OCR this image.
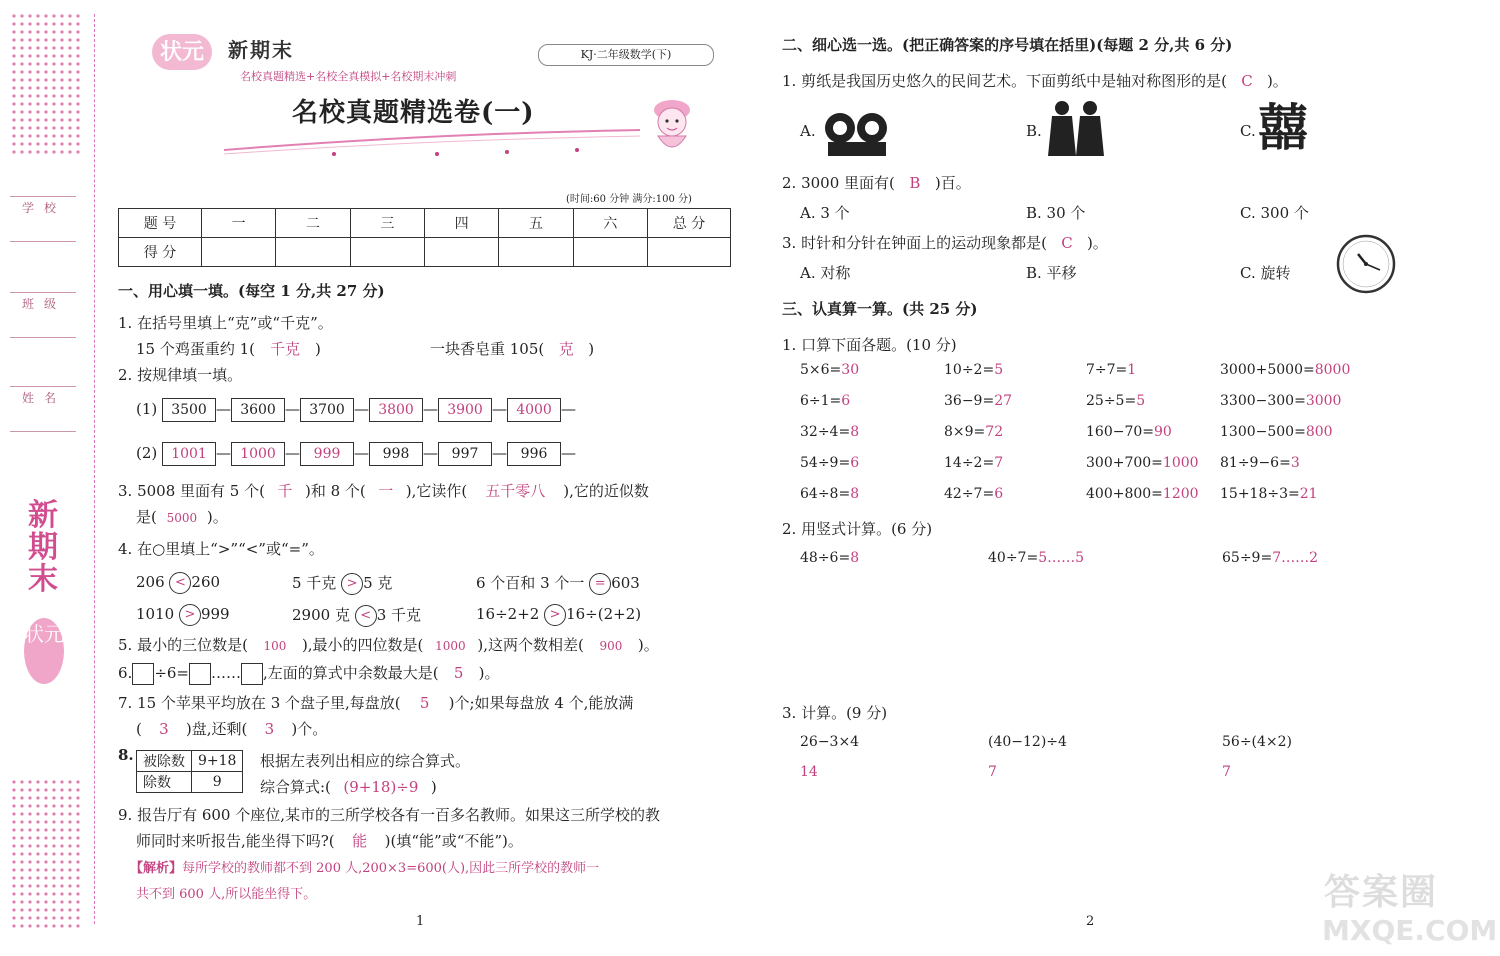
学校
班级
姓名
新期末
状元
状元	新期末
名校真题精选+名校全真模拟+名校期末冲刺
KJ·二年级数学(下)
名校真题精选卷(一)
(时间:60 分钟 满分:100 分)
题 号	一	二	三	四	五	六	总 分
得 分							
一、用心填一填。(每空 1 分,共 27 分)
1. 在括号里填上“克”或“千克”。
15 个鸡蛋重约 1( 千克 )	一块香皂重 105( 克 )
2. 按规律填一填。
(1) 3500 — 3600 — 3700 — 3800 — 3900 — 4000 —
(2) 1001 — 1000 — 999 — 998 — 997 — 996 —
3. 5008 里面有 5 个( 千 )和 8 个( 一 ),它读作( 五千零八 ),它的近似数
是( 5000 )。
4. 在○里填上“>”“<”或“=”。
206 < 260	5 千克 > 5 克	6 个百和 3 个一 = 603
1010 > 999	2900 克 < 3 千克	16÷2+2 > 16÷(2+2)
5. 最小的三位数是( 100 ),最小的四位数是( 1000 ),这两个数相差( 900 )。
6. ÷6= …… ,左面的算式中余数最大是( 5 )。
7. 15 个苹果平均放在 3 个盘子里,每盘放( 5 )个;如果每盘放 4 个,能放满
( 3 )盘,还剩( 3 )个。
8. 被除数	9+18
除数	9
根据左表列出相应的综合算式。
综合算式:( (9+18)÷9 )
9. 报告厅有 600 个座位,某市的三所学校各有一百多名教师。如果这三所学校的教
师同时来听报告,能坐得下吗?( 能 )(填“能”或“不能”)。
【解析】每所学校的教师都不到 200 人,200×3=600(人),因此三所学校的教师一
共不到 600 人,所以能坐得下。
1
二、细心选一选。(把正确答案的序号填在括里)(每题 2 分,共 6 分)
1. 剪纸是我国历史悠久的民间艺术。下面剪纸中是轴对称图形的是( C )。
A.	B.	C. 囍
2. 3000 里面有( B )百。
A. 3 个	B. 30 个	C. 300 个
3. 时针和分针在钟面上的运动现象都是( C )。
A. 对称	B. 平移	C. 旋转
三、认真算一算。(共 25 分)
1. 口算下面各题。(10 分)
5×6=30	10÷2=5	7÷7=1	3000+5000=8000
6÷1=6	36−9=27	25÷5=5	3300−300=3000
32÷4=8	8×9=72	160−70=90	1300−500=800
54÷9=6	14÷2=7	300+700=1000 81÷9−6=3
64÷8=8	42÷7=6	400+800=1200 15+18÷3=21
2. 用竖式计算。(6 分)
48÷6=8	40÷7=5……5	65÷9=7……2
3. 计算。(9 分)
26−3×4
14
(40−12)÷4
7
56÷(4×2)
7
2
答案圈
MXQE.COM
